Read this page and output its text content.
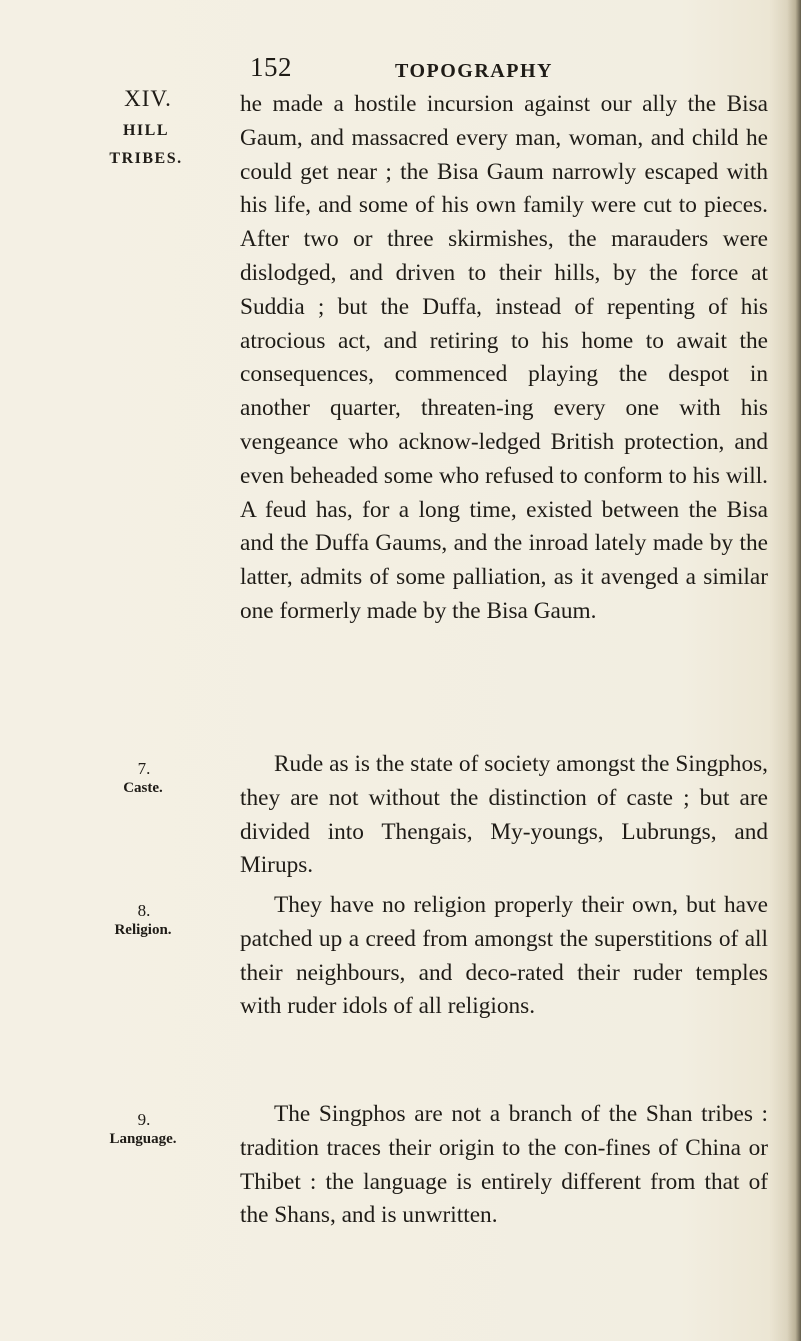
152	TOPOGRAPHY
XIV.
HILL
TRIBES.
7.
Caste.
8.
Religion.
9.
Language.

he made a hostile incursion against our ally the Bisa Gaum, and massacred every man, woman, and child he could get near ; the Bisa Gaum narrowly escaped with his life, and some of his own family were cut to pieces. After two or three skirmishes, the marauders were dislodged, and driven to their hills, by the force at Suddia ; but the Duffa, instead of repenting of his atrocious act, and retiring to his home to await the consequences, commenced playing the despot in another quarter, threaten-ing every one with his vengeance who acknow-ledged British protection, and even beheaded some who refused to conform to his will. A feud has, for a long time, existed between the Bisa and the Duffa Gaums, and the inroad lately made by the latter, admits of some palliation, as it avenged a similar one formerly made by the Bisa Gaum.

Rude as is the state of society amongst the Singphos, they are not without the distinction of caste ; but are divided into Thengais, My-youngs, Lubrungs, and Mirups.

They have no religion properly their own, but have patched up a creed from amongst the superstitions of all their neighbours, and deco-rated their ruder temples with ruder idols of all religions.

The Singphos are not a branch of the Shan tribes : tradition traces their origin to the con-fines of China or Thibet : the language is entirely different from that of the Shans, and is unwritten.
